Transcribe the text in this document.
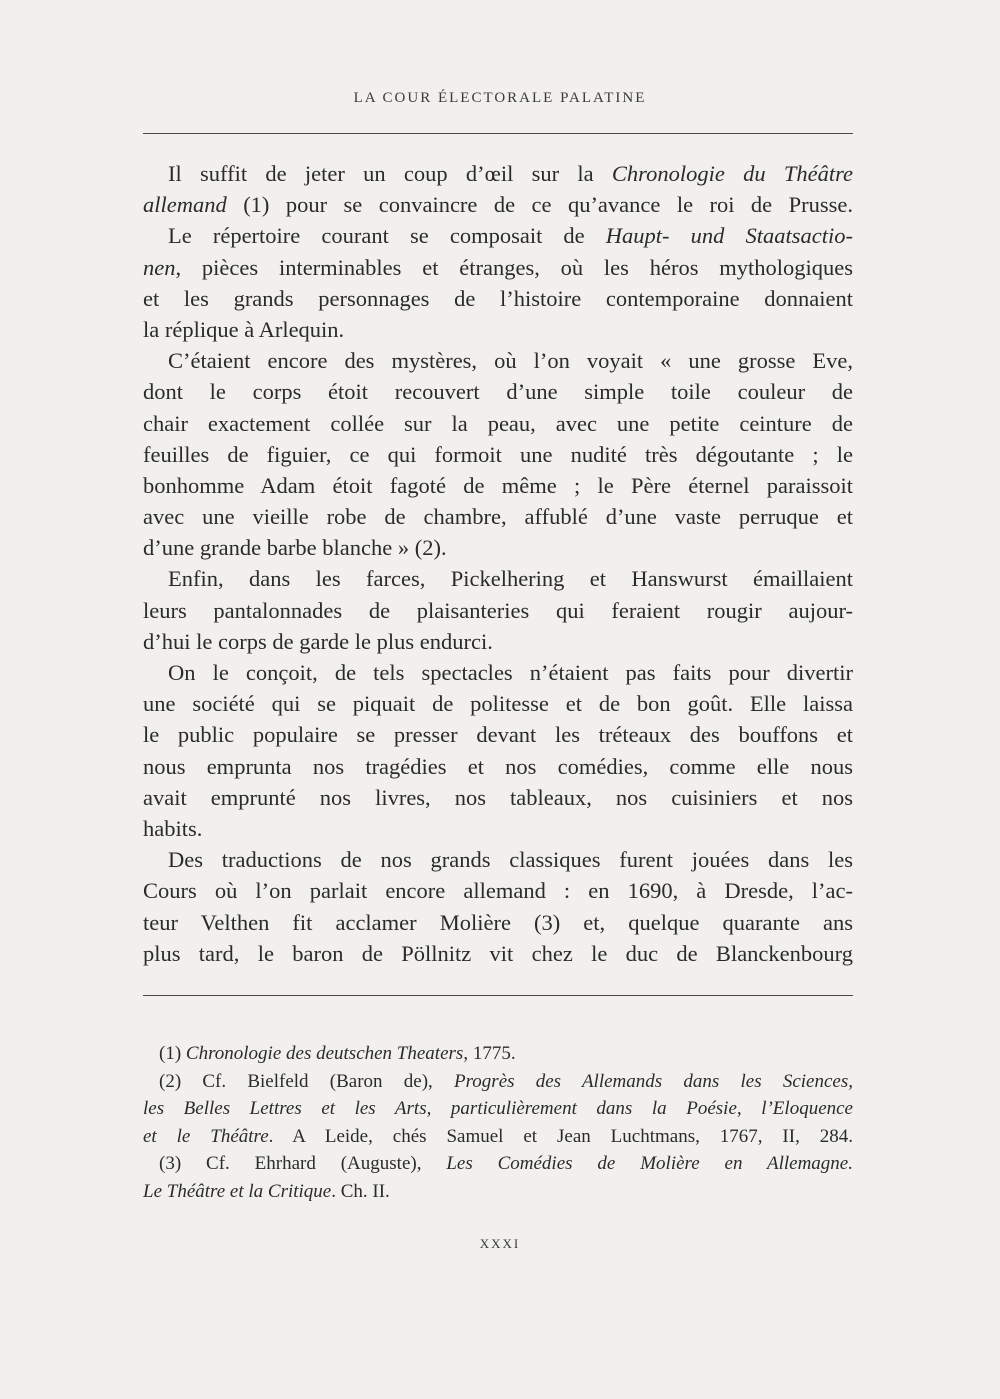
LA COUR ÉLECTORALE PALATINE
Il suffit de jeter un coup d’œil sur la Chronologie du Théâtre
allemand (1) pour se convaincre de ce qu’avance le roi de Prusse.
Le répertoire courant se composait de Haupt- und Staatsactio-
nen, pièces interminables et étranges, où les héros mythologiques
et les grands personnages de l’histoire contemporaine donnaient
la réplique à Arlequin.
C’étaient encore des mystères, où l’on voyait « une grosse Eve,
dont le corps étoit recouvert d’une simple toile couleur de
chair exactement collée sur la peau, avec une petite ceinture de
feuilles de figuier, ce qui formoit une nudité très dégoutante ; le
bonhomme Adam étoit fagoté de même ; le Père éternel paraissoit
avec une vieille robe de chambre, affublé d’une vaste perruque et
d’une grande barbe blanche » (2).
Enfin, dans les farces, Pickelhering et Hanswurst émaillaient
leurs pantalonnades de plaisanteries qui feraient rougir aujour-
d’hui le corps de garde le plus endurci.
On le conçoit, de tels spectacles n’étaient pas faits pour divertir
une société qui se piquait de politesse et de bon goût. Elle laissa
le public populaire se presser devant les tréteaux des bouffons et
nous emprunta nos tragédies et nos comédies, comme elle nous
avait emprunté nos livres, nos tableaux, nos cuisiniers et nos
habits.
Des traductions de nos grands classiques furent jouées dans les
Cours où l’on parlait encore allemand : en 1690, à Dresde, l’ac-
teur Velthen fit acclamer Molière (3) et, quelque quarante ans
plus tard, le baron de Pöllnitz vit chez le duc de Blanckenbourg
(1) Chronologie des deutschen Theaters, 1775.
(2) Cf. Bielfeld (Baron de), Progrès des Allemands dans les Sciences,
les Belles Lettres et les Arts, particulièrement dans la Poésie, l’Eloquence
et le Théâtre. A Leide, chés Samuel et Jean Luchtmans, 1767, II, 284.
(3) Cf. Ehrhard (Auguste), Les Comédies de Molière en Allemagne.
Le Théâtre et la Critique. Ch. II.
XXXI
